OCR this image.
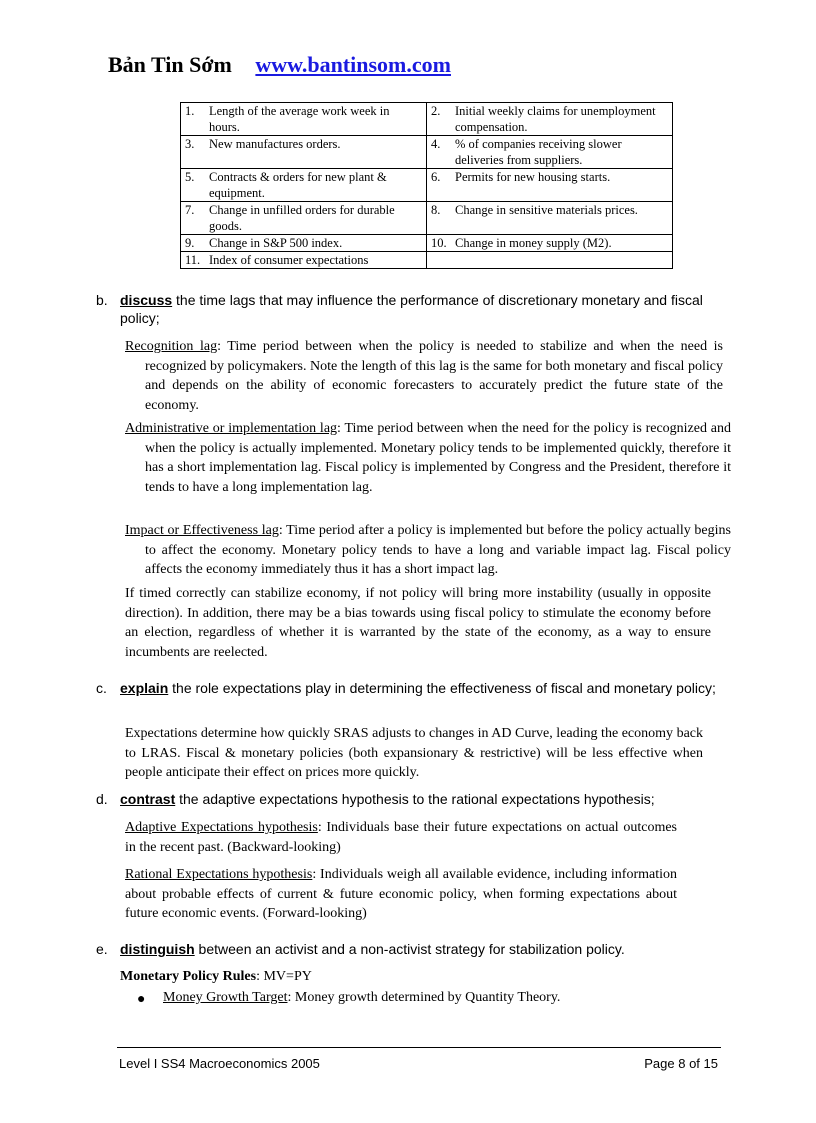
Bản Tin Sớm www.bantinsom.com
1. Length of the average work week in hours.	2. Initial weekly claims for unemployment compensation.

3. New manufactures orders.	4. % of companies receiving slower deliveries from suppliers.

5. Contracts & orders for new plant & equipment.	6. Permits for new housing starts.

7. Change in unfilled orders for durable goods.	8. Change in sensitive materials prices.

9. Change in S&P 500 index.	10. Change in money supply (M2).

11. Index of consumer expectations	

b. discuss the time lags that may influence the performance of discretionary monetary and fiscal policy;
Recognition lag: Time period between when the policy is needed to stabilize and when the need is recognized by policymakers. Note the length of this lag is the same for both monetary and fiscal policy and depends on the ability of economic forecasters to accurately predict the future state of the economy.
Administrative or implementation lag: Time period between when the need for the policy is recognized and when the policy is actually implemented. Monetary policy tends to be implemented quickly, therefore it has a short implementation lag. Fiscal policy is implemented by Congress and the President, therefore it tends to have a long implementation lag.
Impact or Effectiveness lag: Time period after a policy is implemented but before the policy actually begins to affect the economy. Monetary policy tends to have a long and variable impact lag. Fiscal policy affects the economy immediately thus it has a short impact lag.
If timed correctly can stabilize economy, if not policy will bring more instability (usually in opposite direction). In addition, there may be a bias towards using fiscal policy to stimulate the economy before an election, regardless of whether it is warranted by the state of the economy, as a way to ensure incumbents are reelected.
c. explain the role expectations play in determining the effectiveness of fiscal and monetary policy;
Expectations determine how quickly SRAS adjusts to changes in AD Curve, leading the economy back to LRAS. Fiscal & monetary policies (both expansionary & restrictive) will be less effective when people anticipate their effect on prices more quickly.
d. contrast the adaptive expectations hypothesis to the rational expectations hypothesis;
Adaptive Expectations hypothesis: Individuals base their future expectations on actual outcomes in the recent past. (Backward-looking)
Rational Expectations hypothesis: Individuals weigh all available evidence, including information about probable effects of current & future economic policy, when forming expectations about future economic events. (Forward-looking)
e. distinguish between an activist and a non-activist strategy for stabilization policy.
Monetary Policy Rules: MV=PY
● Money Growth Target: Money growth determined by Quantity Theory.
Level I SS4 Macroeconomics 2005	Page 8 of 15
